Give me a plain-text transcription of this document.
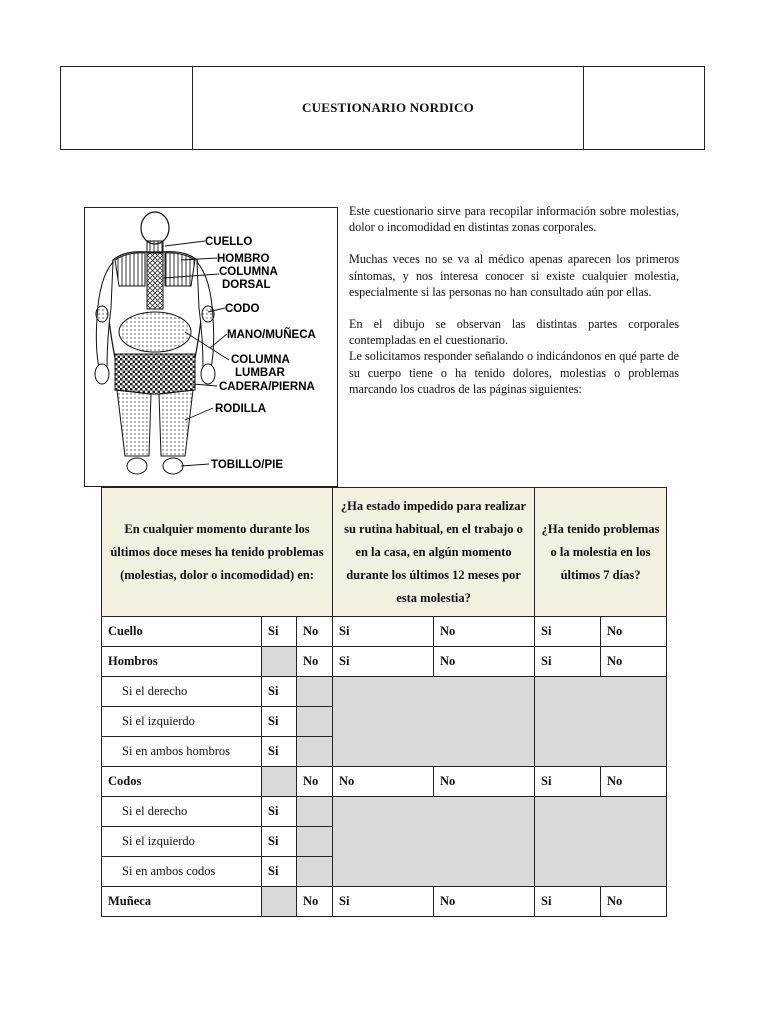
CUESTIONARIO NORDICO
CUELLO
HOMBRO
COLUMNA
DORSAL
CODO
MANO/MUÑECA
COLUMNA
LUMBAR
CADERA/PIERNA
RODILLA
TOBILLO/PIE

Este cuestionario sirve para recopilar información sobre molestias, dolor o incomodidad en distintas zonas corporales.

Muchas veces no se va al médico apenas aparecen los primeros síntomas, y nos interesa conocer si existe cualquier molestia, especialmente si las personas no han consultado aún por ellas.

En el dibujo se observan las distintas partes corporales contempladas en el cuestionario.

Le solicitamos responder señalando o indicándonos en qué parte de su cuerpo tiene o ha tenido dolores, molestias o problemas marcando los cuadros de las páginas siguientes:

En cualquier momento durante los últimos doce meses ha tenido problemas (molestias, dolor o incomodidad) en:			¿Ha estado impedido para realizar su rutina habitual, en el trabajo o en la casa, en algún momento durante los últimos 12 meses por esta molestia?		¿Ha tenido problemas o la molestia en los últimos 7 días?	
Cuello	Si	No	Si	No	Si	No
Hombros		No	Si	No	Si	No
Si el derecho	Si					
Si el izquierdo	Si					
Si en ambos hombros	Si					
Codos		No	No	No	Si	No
Si el derecho	Si					
Si el izquierdo	Si					
Si en ambos codos	Si					
Muñeca		No	Si	No	Si	No
